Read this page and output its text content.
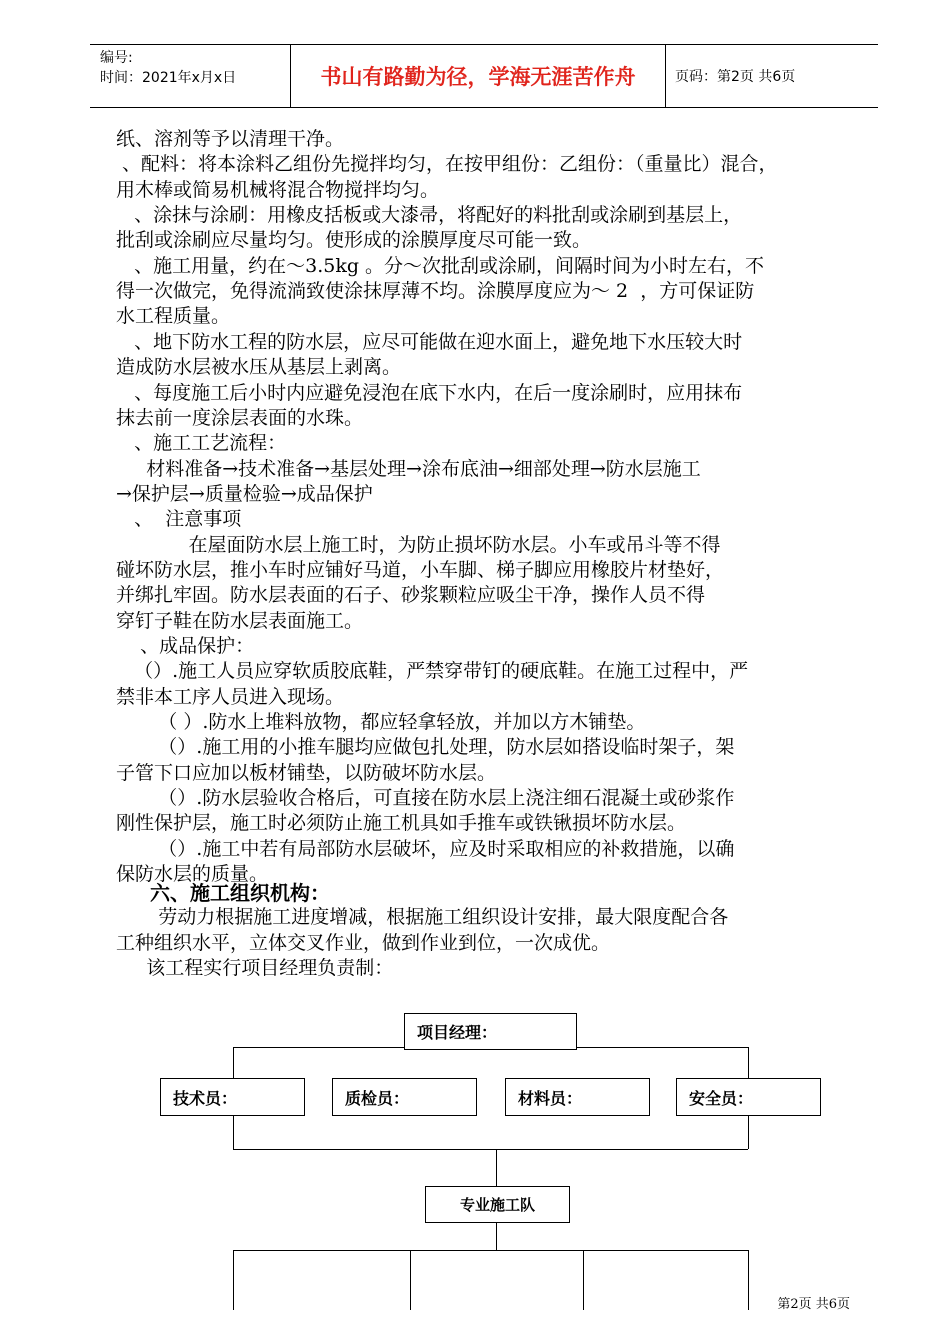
编号:
时间：2021年x月x日	书山有路勤为径，学海无涯苦作舟	页码：第2页 共6页
纸、溶剂等予以清理干净。
、配料：将本涂料乙组份先搅拌均匀，在按甲组份：乙组份：（重量比）混合，
用木棒或简易机械将混合物搅拌均匀。
、涂抹与涂刷：用橡皮括板或大漆帚，将配好的料批刮或涂刷到基层上，
批刮或涂刷应尽量均匀。使形成的涂膜厚度尽可能一致。
、施工用量，约在～3.5kg 。分～次批刮或涂刷，间隔时间为小时左右，不
得一次做完，免得流淌致使涂抹厚薄不均。涂膜厚度应为～ 2  ，方可保证防
水工程质量。
、地下防水工程的防水层，应尽可能做在迎水面上，避免地下水压较大时
造成防水层被水压从基层上剥离。
、每度施工后小时内应避免浸泡在底下水内，在后一度涂刷时，应用抹布
抹去前一度涂层表面的水珠。
、施工工艺流程：
材料准备→技术准备→基层处理→涂布底油→细部处理→防水层施工
→保护层→质量检验→成品保护
、  注意事项
在屋面防水层上施工时，为防止损坏防水层。小车或吊斗等不得
碰坏防水层，推小车时应铺好马道，小车脚、梯子脚应用橡胶片材垫好，
并绑扎牢固。防水层表面的石子、砂浆颗粒应吸尘干净，操作人员不得
穿钉子鞋在防水层表面施工。
、成品保护：
（）.施工人员应穿软质胶底鞋，严禁穿带钉的硬底鞋。在施工过程中，严
禁非本工序人员进入现场。
（ ）.防水上堆料放物，都应轻拿轻放，并加以方木铺垫。
（）.施工用的小推车腿均应做包扎处理，防水层如搭设临时架子，架
子管下口应加以板材铺垫，以防破坏防水层。
（）.防水层验收合格后，可直接在防水层上浇注细石混凝土或砂浆作
刚性保护层，施工时必须防止施工机具如手推车或铁锹损坏防水层。
（）.施工中若有局部防水层破坏，应及时采取相应的补救措施，以确
保防水层的质量。
六、施工组织机构：
劳动力根据施工进度增减，根据施工组织设计安排，最大限度配合各
工种组织水平，立体交叉作业，做到作业到位，一次成优。
该工程实行项目经理负责制：
项目经理：
技术员：	质检员：	材料员：	安全员：
专业施工队
第2页 共6页
